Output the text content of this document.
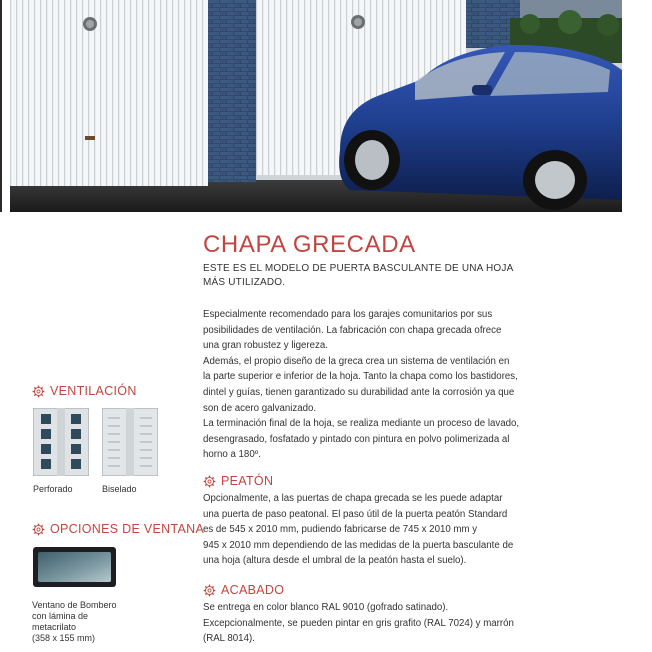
CHAPA GRECADA
ESTE ES EL MODELO DE PUERTA BASCULANTE DE UNA HOJA
MÁS UTILIZADO.
Especialmente recomendado para los garajes comunitarios por sus
posibilidades de ventilación. La fabricación con chapa grecada ofrece
una gran robustez y ligereza.
Además, el propio diseño de la greca crea un sistema de ventilación en
la parte superior e inferior de la hoja. Tanto la chapa como los bastidores,
dintel y guías, tienen garantizado su durabilidad ante la corrosión ya que
son de acero galvanizado.
La terminación final de la hoja, se realiza mediante un proceso de lavado,
desengrasado, fosfatado y pintado con pintura en polvo polimerizada al
horno a 180º.
PEATÓN
Opcionalmente, a las puertas de chapa grecada se les puede adaptar
una puerta de paso peatonal. El paso útil de la puerta peatón Standard
es de 545 x 2010 mm, pudiendo fabricarse de 745 x 2010 mm y
945 x 2010 mm dependiendo de las medidas de la puerta basculante de
una hoja (altura desde el umbral de la peatón hasta el suelo).
ACABADO
Se entrega en color blanco RAL 9010 (gofrado satinado).
Excepcionalmente, se pueden pintar en gris grafito (RAL 7024) y marrón
(RAL 8014).
VENTILACIÓN
Perforado	Biselado
OPCIONES DE VENTANA
Ventano de Bombero
con lámina de
metacrilato
(358 x 155 mm)
